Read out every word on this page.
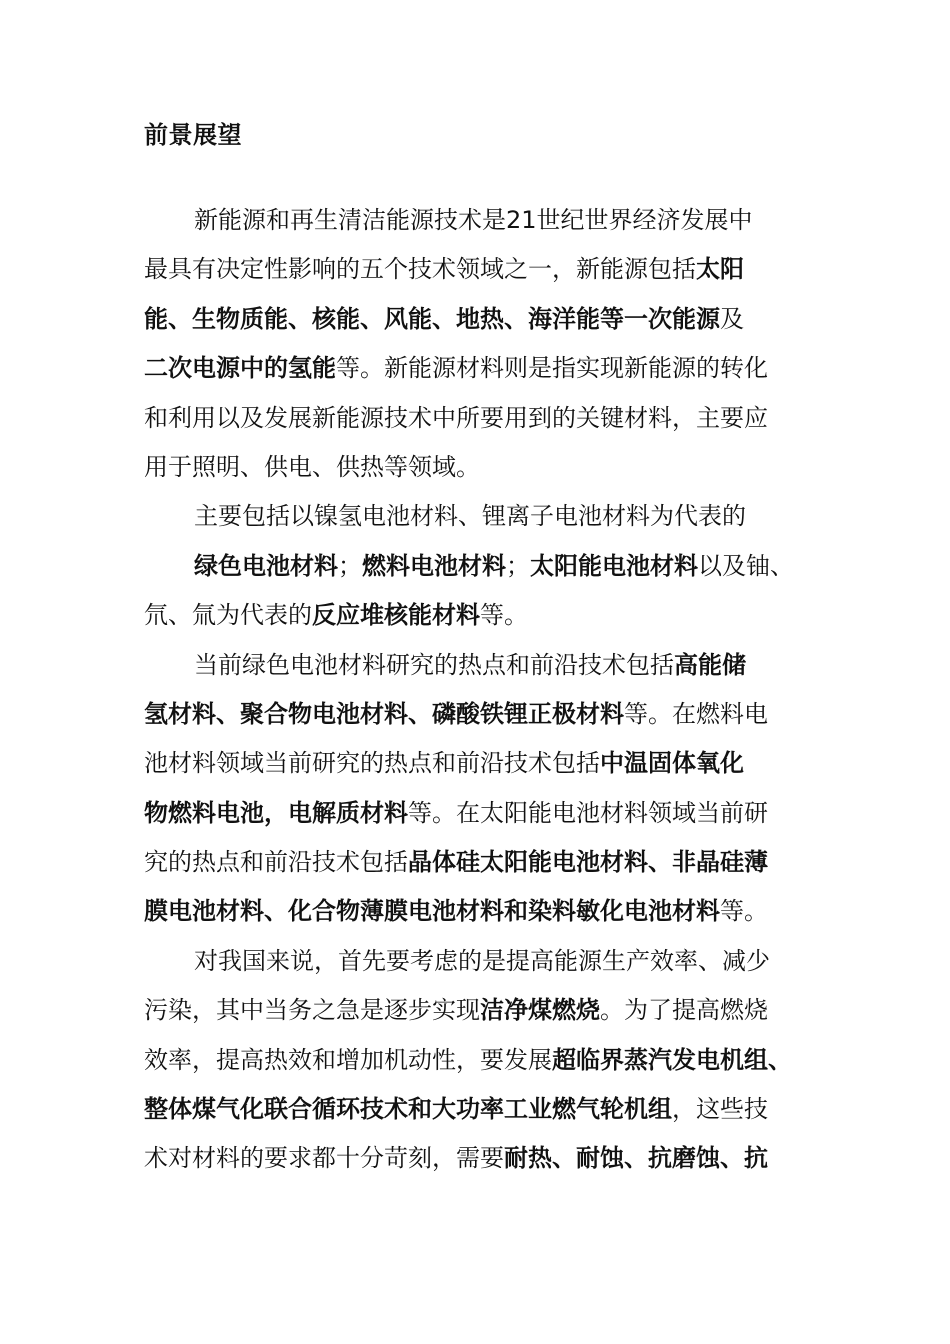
前景展望
新能源和再生清洁能源技术是21世纪世界经济发展中
最具有决定性影响的五个技术领域之一，新能源包括太阳
能、生物质能、核能、风能、地热、海洋能等一次能源及
二次电源中的氢能等。新能源材料则是指实现新能源的转化
和利用以及发展新能源技术中所要用到的关键材料，主要应
用于照明、供电、供热等领域。
主要包括以镍氢电池材料、锂离子电池材料为代表的
绿色电池材料；燃料电池材料；太阳能电池材料以及铀、
氘、氚为代表的反应堆核能材料等。
当前绿色电池材料研究的热点和前沿技术包括高能储
氢材料、聚合物电池材料、磷酸铁锂正极材料等。在燃料电
池材料领域当前研究的热点和前沿技术包括中温固体氧化
物燃料电池，电解质材料等。在太阳能电池材料领域当前研
究的热点和前沿技术包括晶体硅太阳能电池材料、非晶硅薄
膜电池材料、化合物薄膜电池材料和染料敏化电池材料等。
对我国来说，首先要考虑的是提高能源生产效率、减少
污染，其中当务之急是逐步实现洁净煤燃烧。为了提高燃烧
效率，提高热效和增加机动性，要发展超临界蒸汽发电机组、
整体煤气化联合循环技术和大功率工业燃气轮机组，这些技
术对材料的要求都十分苛刻，需要耐热、耐蚀、抗磨蚀、抗
